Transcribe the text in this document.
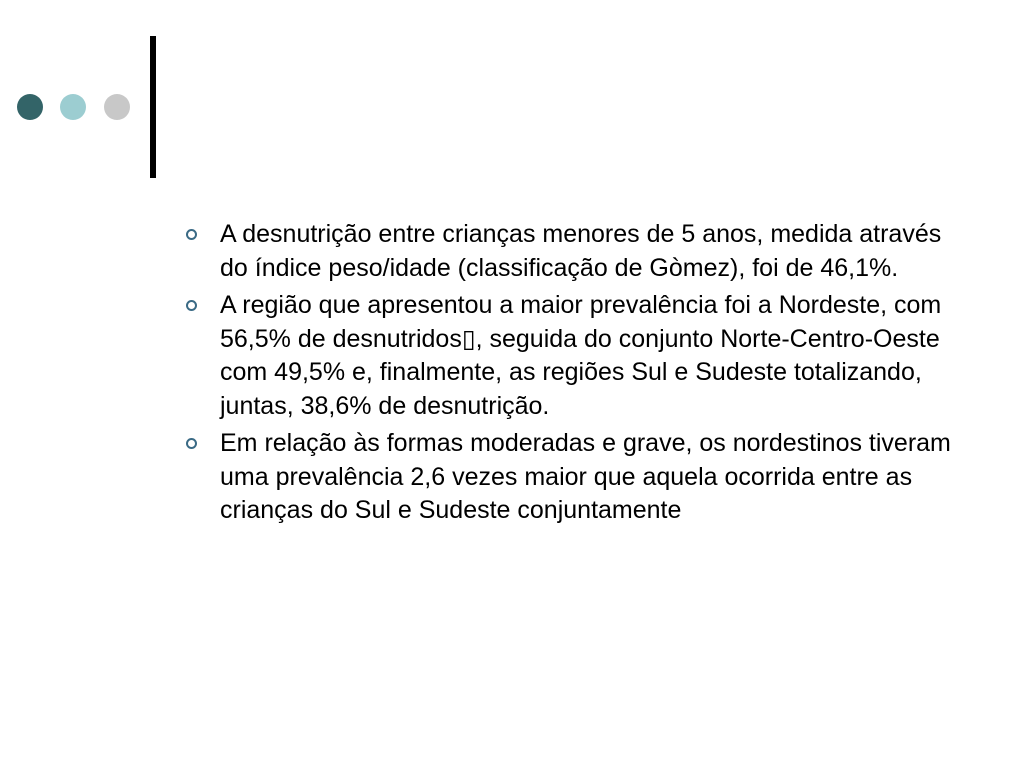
A desnutrição entre crianças menores de 5 anos, medida através do índice peso/idade (classificação de Gòmez), foi de 46,1%.
A região que apresentou a maior prevalência foi a Nordeste, com 56,5% de desnutridos▯, seguida do conjunto Norte-Centro-Oeste com 49,5% e, finalmente, as regiões Sul e Sudeste totalizando, juntas, 38,6% de desnutrição.
Em relação às formas moderadas e grave, os nordestinos tiveram uma prevalência 2,6 vezes maior que aquela ocorrida entre as crianças do Sul e Sudeste conjuntamente
